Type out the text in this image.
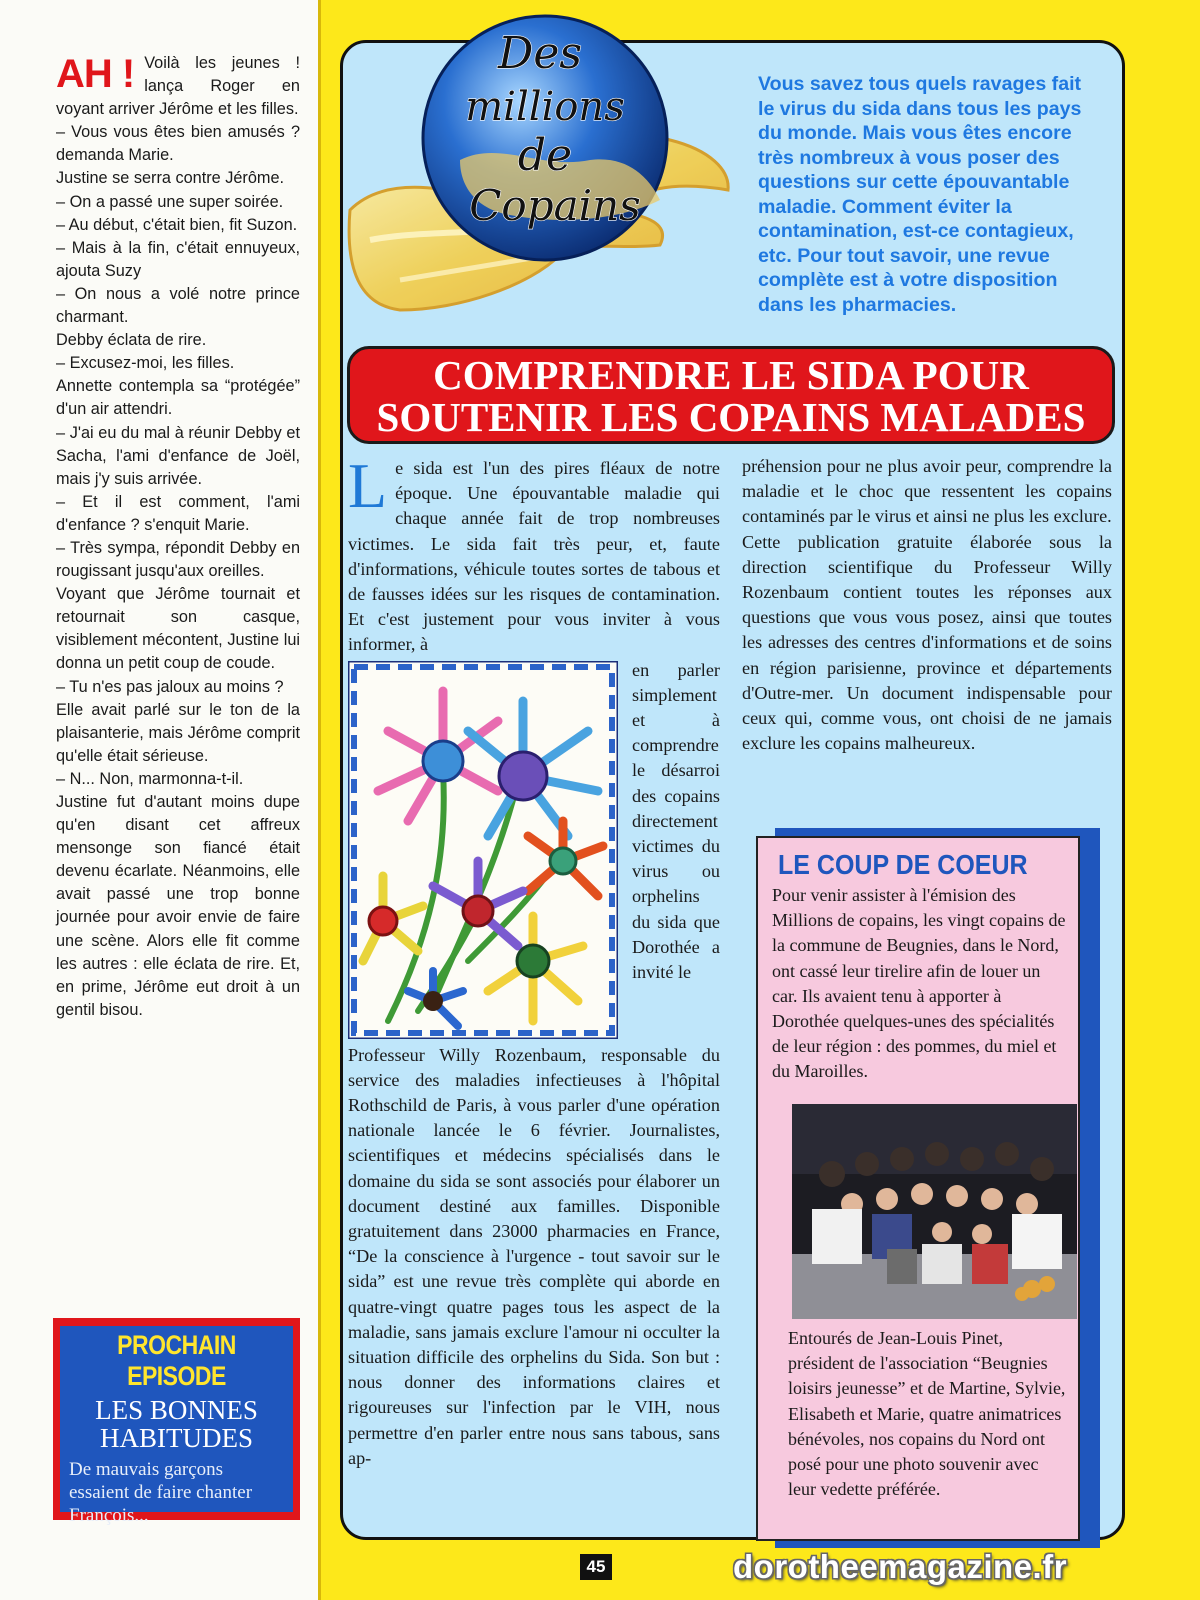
AH ! Voilà les jeunes ! lança Roger en voyant arriver Jérôme et les filles.

– Vous vous êtes bien amusés ? demanda Marie.

Justine se serra contre Jérôme.

– On a passé une super soirée.

– Au début, c'était bien, fit Suzon.

– Mais à la fin, c'était ennuyeux, ajouta Suzy

– On nous a volé notre prince charmant.

Debby éclata de rire.

– Excusez-moi, les filles.

Annette contempla sa “protégée” d'un air attendri.

– J'ai eu du mal à réunir Debby et Sacha, l'ami d'enfance de Joël, mais j'y suis arrivée.

– Et il est comment, l'ami d'enfance ? s'enquit Marie.

– Très sympa, répondit Debby en rougissant jusqu'aux oreilles.

Voyant que Jérôme tournait et retournait son casque, visiblement mécontent, Justine lui donna un petit coup de coude.

– Tu n'es pas jaloux au moins ?

Elle avait parlé sur le ton de la plaisanterie, mais Jérôme comprit qu'elle était sérieuse.

– N... Non, marmonna-t-il.

Justine fut d'autant moins dupe qu'en disant cet affreux mensonge son fiancé était devenu écarlate. Néanmoins, elle avait passé une trop bonne journée pour avoir envie de faire une scène. Alors elle fit comme les autres : elle éclata de rire. Et, en prime, Jérôme eut droit à un gentil bisou.

PROCHAIN EPISODE
LES BONNES HABITUDES
De mauvais garçons essaient de faire chanter François...
Des
millions
de
Copains
Vous savez tous quels ravages fait le virus du sida dans tous les pays du monde. Mais vous êtes encore très nombreux à vous poser des questions sur cette épouvantable maladie. Comment éviter la contamination, est-ce contagieux, etc. Pour tout savoir, une revue complète est à votre disposition dans les pharmacies.
COMPRENDRE LE SIDA POUR
SOUTENIR LES COPAINS MALADES

Le sida est l'un des pires fléaux de notre époque. Une épouvantable maladie qui chaque année fait de trop nombreuses victimes. Le sida fait très peur, et, faute d'informations, véhicule toutes sortes de tabous et de fausses idées sur les risques de contamination. Et c'est justement pour vous inviter à vous informer, à

en parler simplement et à comprendre le désarroi des copains directement victimes du virus ou orphelins du sida que Dorothée a invité le

Professeur Willy Rozenbaum, responsable du service des maladies infectieuses à l'hôpital Rothschild de Paris, à vous parler d'une opération nationale lancée le 6 février. Journalistes, scientifiques et médecins spécialisés dans le domaine du sida se sont associés pour élaborer un document destiné aux familles. Disponible gratuitement dans 23000 pharmacies en France, “De la conscience à l'urgence - tout savoir sur le sida” est une revue très complète qui aborde en quatre-vingt quatre pages tous les aspect de la maladie, sans jamais exclure l'amour ni occulter la situation difficile des orphelins du Sida. Son but : nous donner des informations claires et rigoureuses sur l'infection par le VIH, nous permettre d'en parler entre nous sans tabous, sans ap-

préhension pour ne plus avoir peur, comprendre la maladie et le choc que ressentent les copains contaminés par le virus et ainsi ne plus les exclure.

Cette publication gratuite élaborée sous la direction scientifique du Professeur Willy Rozenbaum contient toutes les réponses aux questions que vous vous posez, ainsi que toutes les adresses des centres d'informations et de soins en région parisienne, province et départements d'Outre-mer. Un document indispensable pour ceux qui, comme vous, ont choisi de ne jamais exclure les copains malheureux.

LE COUP DE COEUR
Pour venir assister à l'émision des Millions de copains, les vingt copains de la commune de Beugnies, dans le Nord, ont cassé leur tirelire afin de louer un car. Ils avaient tenu à apporter à Dorothée quelques-unes des spécialités de leur région : des pommes, du miel et du Maroilles.
Entourés de Jean-Louis Pinet, président de l'association “Beugnies loisirs jeunesse” et de Martine, Sylvie, Elisabeth et Marie, quatre animatrices bénévoles, nos copains du Nord ont posé pour une photo souvenir avec leur vedette préférée.
45	dorotheemagazine.fr
